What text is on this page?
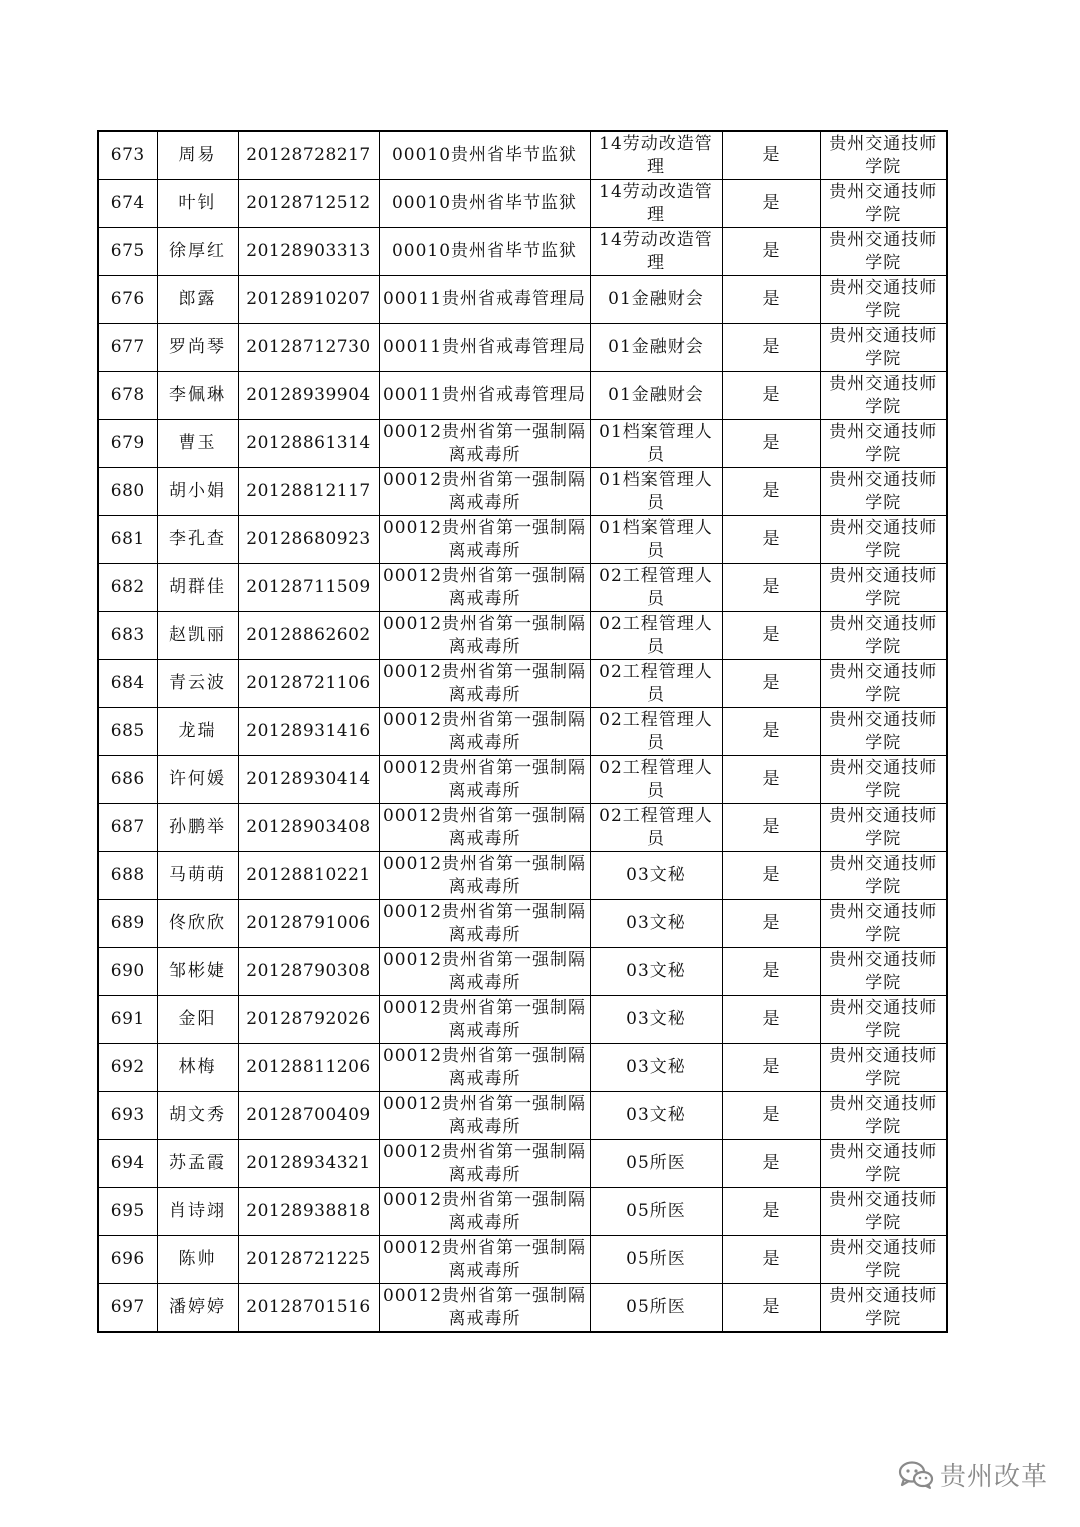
673	周易	20128728217	00010贵州省毕节监狱	14劳动改造管理	是	贵州交通技师学院
674	叶钊	20128712512	00010贵州省毕节监狱	14劳动改造管理	是	贵州交通技师学院
675	徐厚红	20128903313	00010贵州省毕节监狱	14劳动改造管理	是	贵州交通技师学院
676	郎露	20128910207	00011贵州省戒毒管理局	01金融财会	是	贵州交通技师学院
677	罗尚琴	20128712730	00011贵州省戒毒管理局	01金融财会	是	贵州交通技师学院
678	李佩琳	20128939904	00011贵州省戒毒管理局	01金融财会	是	贵州交通技师学院
679	曹玉	20128861314	00012贵州省第一强制隔离戒毒所	01档案管理人员	是	贵州交通技师学院
680	胡小娟	20128812117	00012贵州省第一强制隔离戒毒所	01档案管理人员	是	贵州交通技师学院
681	李孔查	20128680923	00012贵州省第一强制隔离戒毒所	01档案管理人员	是	贵州交通技师学院
682	胡群佳	20128711509	00012贵州省第一强制隔离戒毒所	02工程管理人员	是	贵州交通技师学院
683	赵凯丽	20128862602	00012贵州省第一强制隔离戒毒所	02工程管理人员	是	贵州交通技师学院
684	青云波	20128721106	00012贵州省第一强制隔离戒毒所	02工程管理人员	是	贵州交通技师学院
685	龙瑞	20128931416	00012贵州省第一强制隔离戒毒所	02工程管理人员	是	贵州交通技师学院
686	许何媛	20128930414	00012贵州省第一强制隔离戒毒所	02工程管理人员	是	贵州交通技师学院
687	孙鹏举	20128903408	00012贵州省第一强制隔离戒毒所	02工程管理人员	是	贵州交通技师学院
688	马萌萌	20128810221	00012贵州省第一强制隔离戒毒所	03文秘	是	贵州交通技师学院
689	佟欣欣	20128791006	00012贵州省第一强制隔离戒毒所	03文秘	是	贵州交通技师学院
690	邹彬婕	20128790308	00012贵州省第一强制隔离戒毒所	03文秘	是	贵州交通技师学院
691	金阳	20128792026	00012贵州省第一强制隔离戒毒所	03文秘	是	贵州交通技师学院
692	林梅	20128811206	00012贵州省第一强制隔离戒毒所	03文秘	是	贵州交通技师学院
693	胡文秀	20128700409	00012贵州省第一强制隔离戒毒所	03文秘	是	贵州交通技师学院
694	苏孟霞	20128934321	00012贵州省第一强制隔离戒毒所	05所医	是	贵州交通技师学院
695	肖诗翊	20128938818	00012贵州省第一强制隔离戒毒所	05所医	是	贵州交通技师学院
696	陈帅	20128721225	00012贵州省第一强制隔离戒毒所	05所医	是	贵州交通技师学院
697	潘婷婷	20128701516	00012贵州省第一强制隔离戒毒所	05所医	是	贵州交通技师学院
贵州改革
